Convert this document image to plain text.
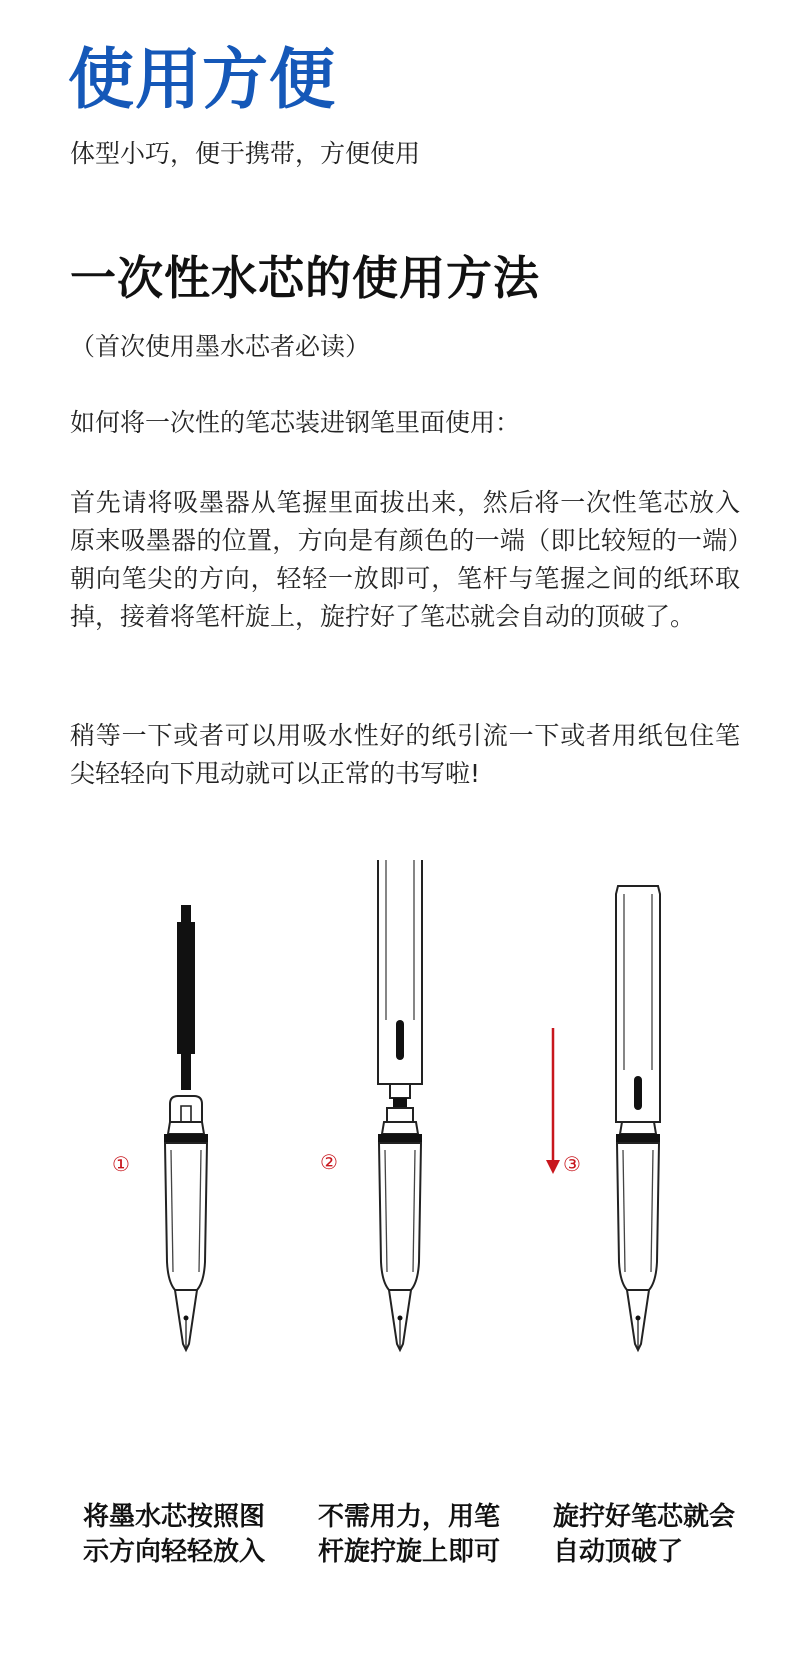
使用方便
体型小巧，便于携带，方便使用
一次性水芯的使用方法
（首次使用墨水芯者必读）
如何将一次性的笔芯装进钢笔里面使用：
首先请将吸墨器从笔握里面拔出来，然后将一次性笔芯放入原来吸墨器的位置，方向是有颜色的一端（即比较短的一端）朝向笔尖的方向，轻轻一放即可，笔杆与笔握之间的纸环取掉，接着将笔杆旋上，旋拧好了笔芯就会自动的顶破了。
稍等一下或者可以用吸水性好的纸引流一下或者用纸包住笔尖轻轻向下甩动就可以正常的书写啦!
①	②	③
将墨水芯按照图示方向轻轻放入
不需用力，用笔杆旋拧旋上即可
旋拧好笔芯就会自动顶破了
